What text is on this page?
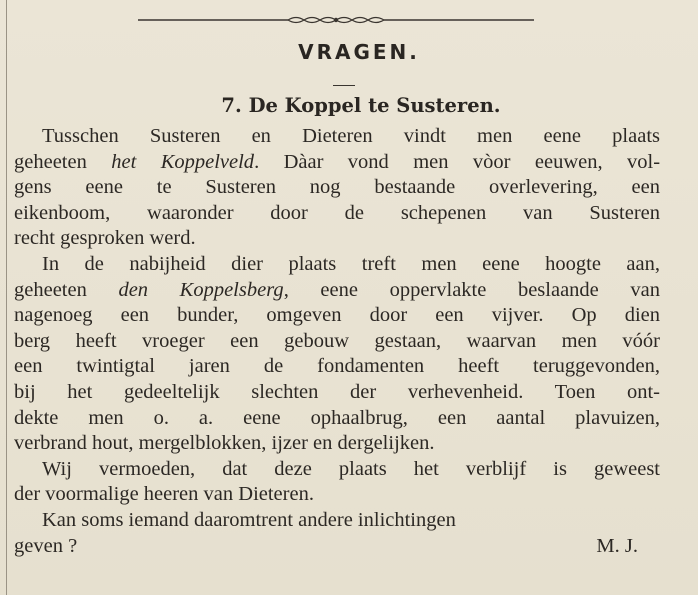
VRAGEN.
7. De Koppel te Susteren.
Tusschen Susteren en Dieteren vindt men eene plaats
geheeten het Koppelveld. Dàar vond men vòor eeuwen, vol-
gens eene te Susteren nog bestaande overlevering, een
eikenboom, waaronder door de schepenen van Susteren
recht gesproken werd.
In de nabijheid dier plaats treft men eene hoogte aan,
geheeten den Koppelsberg, eene oppervlakte beslaande van
nagenoeg een bunder, omgeven door een vijver. Op dien
berg heeft vroeger een gebouw gestaan, waarvan men vóór
een twintigtal jaren de fondamenten heeft teruggevonden,
bij het gedeeltelijk slechten der verhevenheid. Toen ont-
dekte men o. a. eene ophaalbrug, een aantal plavuizen,
verbrand hout, mergelblokken, ijzer en dergelijken.
Wij vermoeden, dat deze plaats het verblijf is geweest
der voormalige heeren van Dieteren.
Kan soms iemand daaromtrent andere inlichtingen
geven ?	M. J.
